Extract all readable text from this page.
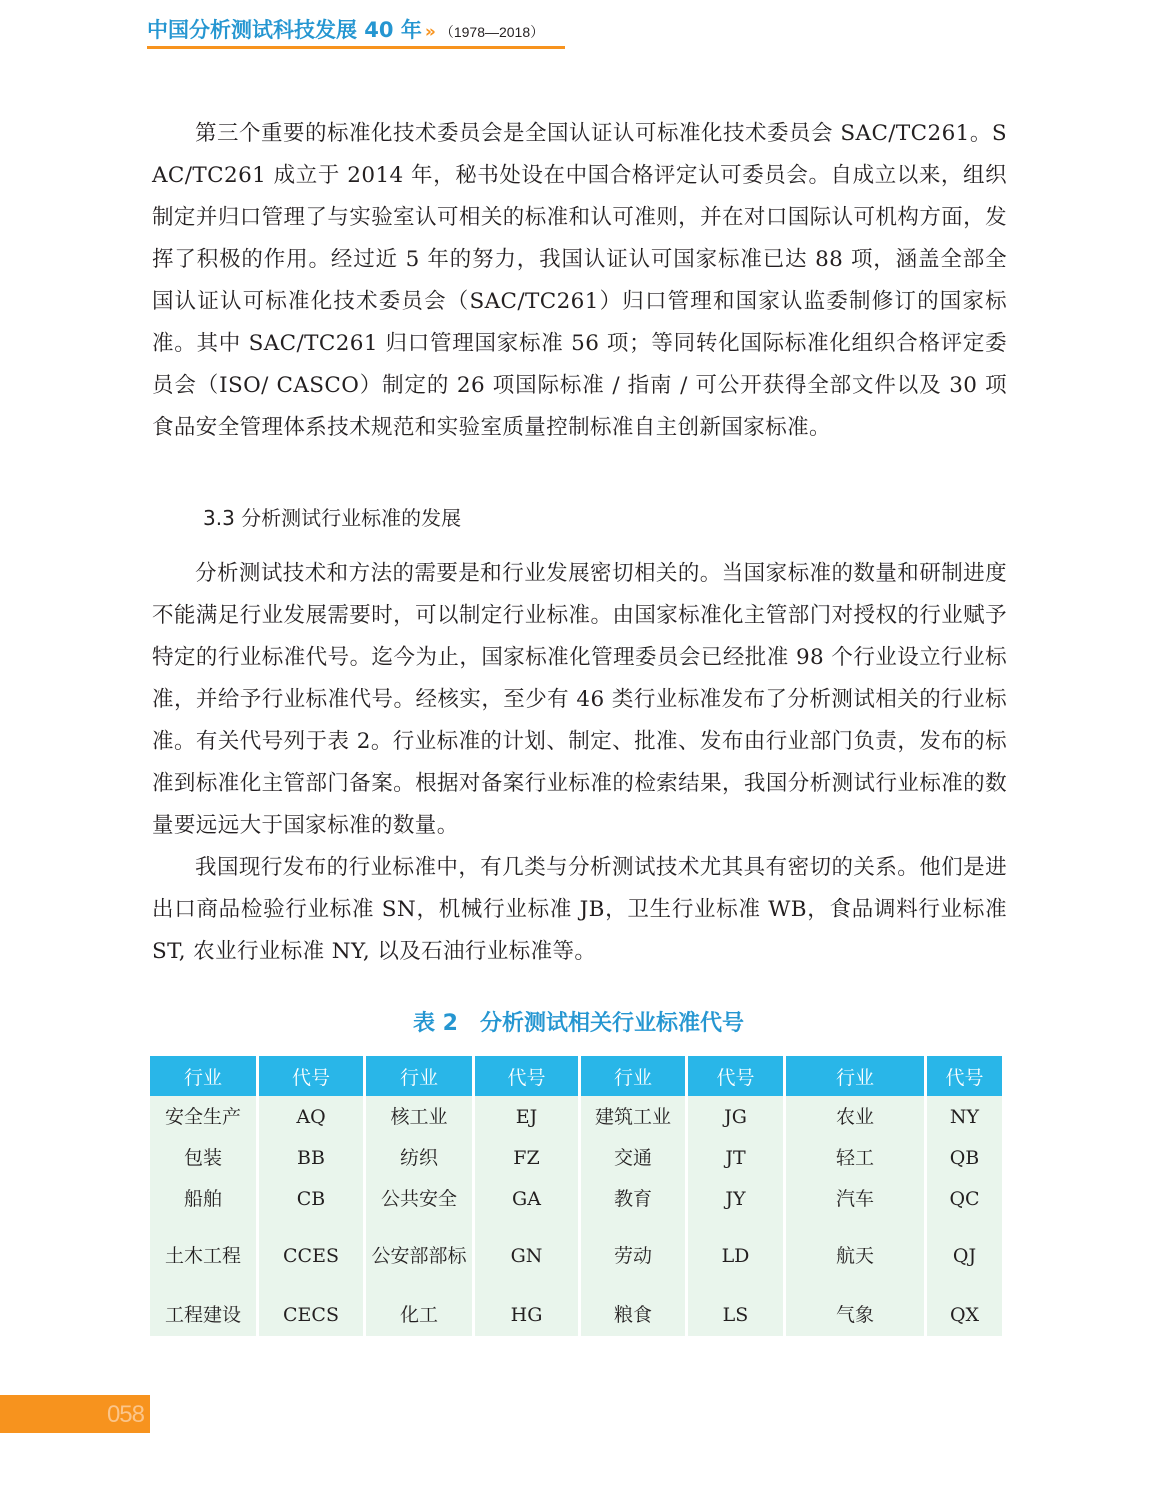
中国分析测试科技发展 40 年 » （1978—2018）

第三个重要的标准化技术委员会是全国认证认可标准化技术委员会 SAC/TC261。SAC/TC261 成立于 2014 年，秘书处设在中国合格评定认可委员会。自成立以来，组织制定并归口管理了与实验室认可相关的标准和认可准则，并在对口国际认可机构方面，发挥了积极的作用。经过近 5 年的努力，我国认证认可国家标准已达 88 项，涵盖全部全国认证认可标准化技术委员会（SAC/TC261）归口管理和国家认监委制修订的国家标准。其中 SAC/TC261 归口管理国家标准 56 项；等同转化国际标准化组织合格评定委员会（ISO/ CASCO）制定的 26 项国际标准 / 指南 / 可公开获得全部文件以及 30 项食品安全管理体系技术规范和实验室质量控制标准自主创新国家标准。

3.3 分析测试行业标准的发展

分析测试技术和方法的需要是和行业发展密切相关的。当国家标准的数量和研制进度不能满足行业发展需要时，可以制定行业标准。由国家标准化主管部门对授权的行业赋予特定的行业标准代号。迄今为止，国家标准化管理委员会已经批准 98 个行业设立行业标准，并给予行业标准代号。经核实，至少有 46 类行业标准发布了分析测试相关的行业标准。有关代号列于表 2。行业标准的计划、制定、批准、发布由行业部门负责，发布的标准到标准化主管部门备案。根据对备案行业标准的检索结果，我国分析测试行业标准的数量要远远大于国家标准的数量。

我国现行发布的行业标准中，有几类与分析测试技术尤其具有密切的关系。他们是进出口商品检验行业标准 SN，机械行业标准 JB，卫生行业标准 WB，食品调料行业标准 ST, 农业行业标准 NY, 以及石油行业标准等。

表 2　分析测试相关行业标准代号
行业	代号	行业	代号	行业	代号	行业	代号
安全生产	AQ	核工业	EJ	建筑工业	JG	农业	NY
包装	BB	纺织	FZ	交通	JT	轻工	QB
船舶	CB	公共安全	GA	教育	JY	汽车	QC
土木工程	CCES	公安部部标	GN	劳动	LD	航天	QJ
工程建设	CECS	化工	HG	粮食	LS	气象	QX
058
